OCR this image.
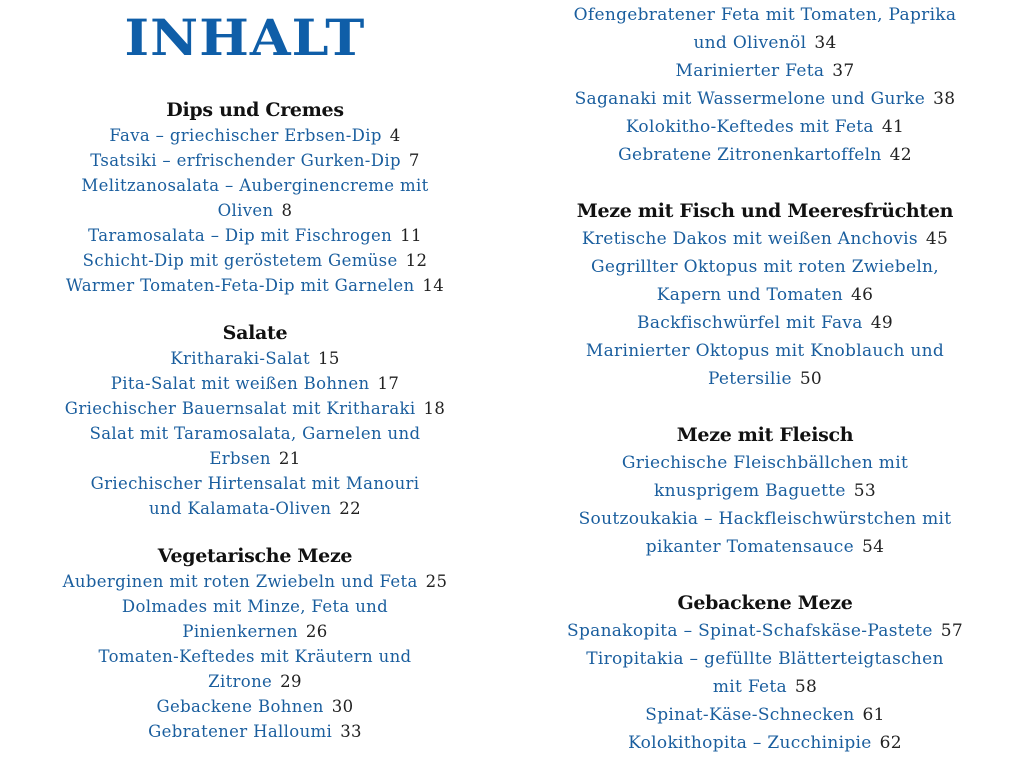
INHALT
Dips und Cremes
Fava – griechischer Erbsen-Dip 4
Tsatsiki – erfrischender Gurken-Dip 7
Melitzanosalata – Auberginencreme mit
Oliven 8
Taramosalata – Dip mit Fischrogen 11
Schicht-Dip mit geröstetem Gemüse 12
Warmer Tomaten-Feta-Dip mit Garnelen 14
Salate
Kritharaki-Salat 15
Pita-Salat mit weißen Bohnen 17
Griechischer Bauernsalat mit Kritharaki 18
Salat mit Taramosalata, Garnelen und
Erbsen 21
Griechischer Hirtensalat mit Manouri
und Kalamata-Oliven 22
Vegetarische Meze
Auberginen mit roten Zwiebeln und Feta 25
Dolmades mit Minze, Feta und
Pinienkernen 26
Tomaten-Keftedes mit Kräutern und
Zitrone 29
Gebackene Bohnen 30
Gebratener Halloumi 33
Ofengebratener Feta mit Tomaten, Paprika
und Olivenöl 34
Marinierter Feta 37
Saganaki mit Wassermelone und Gurke 38
Kolokitho-Keftedes mit Feta 41
Gebratene Zitronenkartoffeln 42
Meze mit Fisch und Meeresfrüchten
Kretische Dakos mit weißen Anchovis 45
Gegrillter Oktopus mit roten Zwiebeln,
Kapern und Tomaten 46
Backfischwürfel mit Fava 49
Marinierter Oktopus mit Knoblauch und
Petersilie 50
Meze mit Fleisch
Griechische Fleischbällchen mit
knusprigem Baguette 53
Soutzoukakia – Hackfleischwürstchen mit
pikanter Tomatensauce 54
Gebackene Meze
Spanakopita – Spinat-Schafskäse-Pastete 57
Tiropitakia – gefüllte Blätterteigtaschen
mit Feta 58
Spinat-Käse-Schnecken 61
Kolokithopita – Zucchinipie 62
